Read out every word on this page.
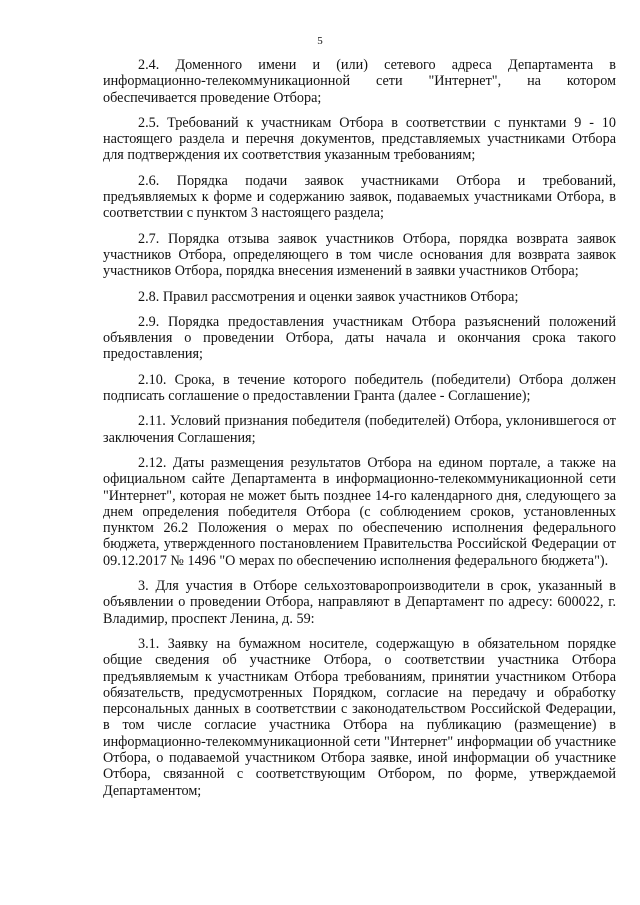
5

2.4. Доменного имени и (или) сетевого адреса Департамента в информационно-телекоммуникационной сети "Интернет", на котором обеспечивается проведение Отбора;

2.5. Требований к участникам Отбора в соответствии с пунктами 9 - 10 настоящего раздела и перечня документов, представляемых участниками Отбора для подтверждения их соответствия указанным требованиям;

2.6. Порядка подачи заявок участниками Отбора и требований, предъявляемых к форме и содержанию заявок, подаваемых участниками Отбора, в соответствии с пунктом 3 настоящего раздела;

2.7. Порядка отзыва заявок участников Отбора, порядка возврата заявок участников Отбора, определяющего в том числе основания для возврата заявок участников Отбора, порядка внесения изменений в заявки участников Отбора;

2.8. Правил рассмотрения и оценки заявок участников Отбора;

2.9. Порядка предоставления участникам Отбора разъяснений положений объявления о проведении Отбора, даты начала и окончания срока такого предоставления;

2.10. Срока, в течение которого победитель (победители) Отбора должен подписать соглашение о предоставлении Гранта (далее - Соглашение);

2.11. Условий признания победителя (победителей) Отбора, уклонившегося от заключения Соглашения;

2.12. Даты размещения результатов Отбора на едином портале, а также на официальном сайте Департамента в информационно-телекоммуникационной сети "Интернет", которая не может быть позднее 14-го календарного дня, следующего за днем определения победителя Отбора (с соблюдением сроков, установленных пунктом 26.2 Положения о мерах по обеспечению исполнения федерального бюджета, утвержденного постановлением Правительства Российской Федерации от 09.12.2017 № 1496 "О мерах по обеспечению исполнения федерального бюджета").

3. Для участия в Отборе сельхозтоваропроизводители в срок, указанный в объявлении о проведении Отбора, направляют в Департамент по адресу: 600022, г. Владимир, проспект Ленина, д. 59:

3.1. Заявку на бумажном носителе, содержащую в обязательном порядке общие сведения об участнике Отбора, о соответствии участника Отбора предъявляемым к участникам Отбора требованиям, принятии участником Отбора обязательств, предусмотренных Порядком, согласие на передачу и обработку персональных данных в соответствии с законодательством Российской Федерации, в том числе согласие участника Отбора на публикацию (размещение) в информационно-телекоммуникационной сети "Интернет" информации об участнике Отбора, о подаваемой участником Отбора заявке, иной информации об участнике Отбора, связанной с соответствующим Отбором, по форме, утверждаемой Департаментом;
